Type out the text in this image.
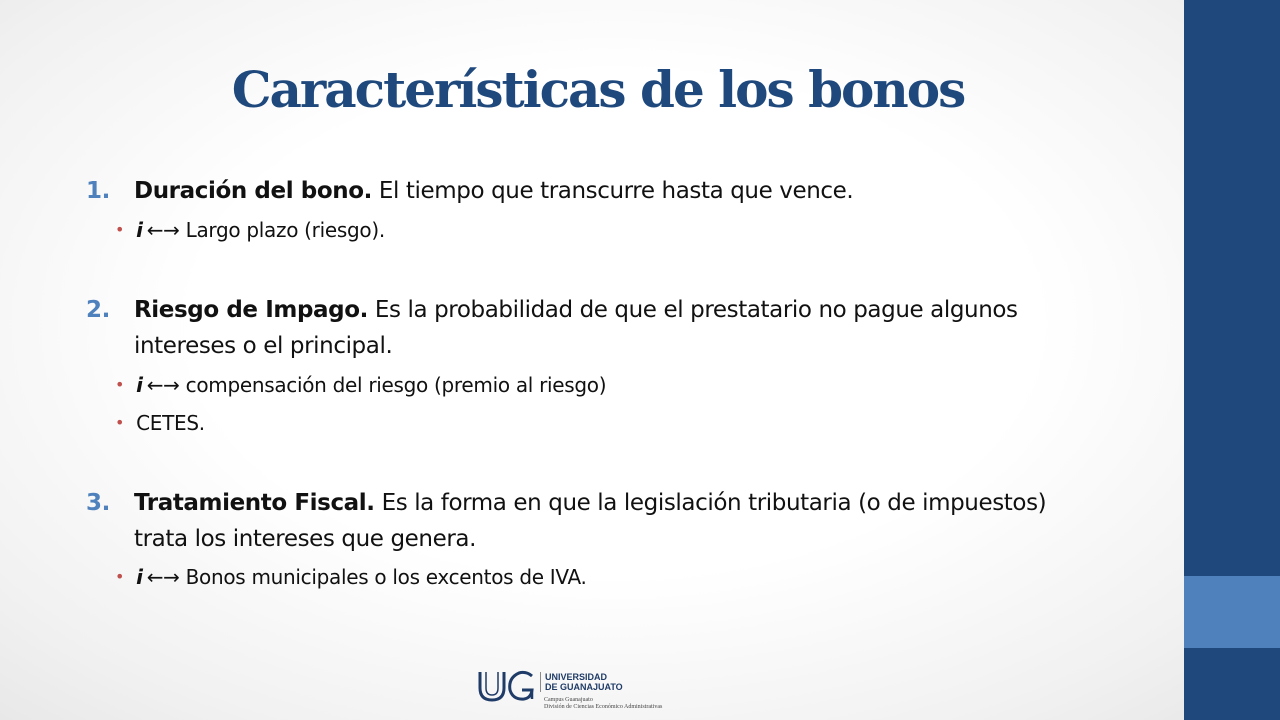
Características de los bonos
1. Duración del bono. El tiempo que transcurre hasta que vence.
• i ←→ Largo plazo (riesgo).
2. Riesgo de Impago. Es la probabilidad de que el prestatario no pague algunos intereses o el principal.
• i ←→ compensación del riesgo (premio al riesgo)
• CETES.
3. Tratamiento Fiscal. Es la forma en que la legislación tributaria (o de impuestos) trata los intereses que genera.
• i ←→ Bonos municipales o los excentos de IVA.
UNIVERSIDAD
DE GUANAJUATO
Campus Guanajuato
División de Ciencias Económico Administrativas
